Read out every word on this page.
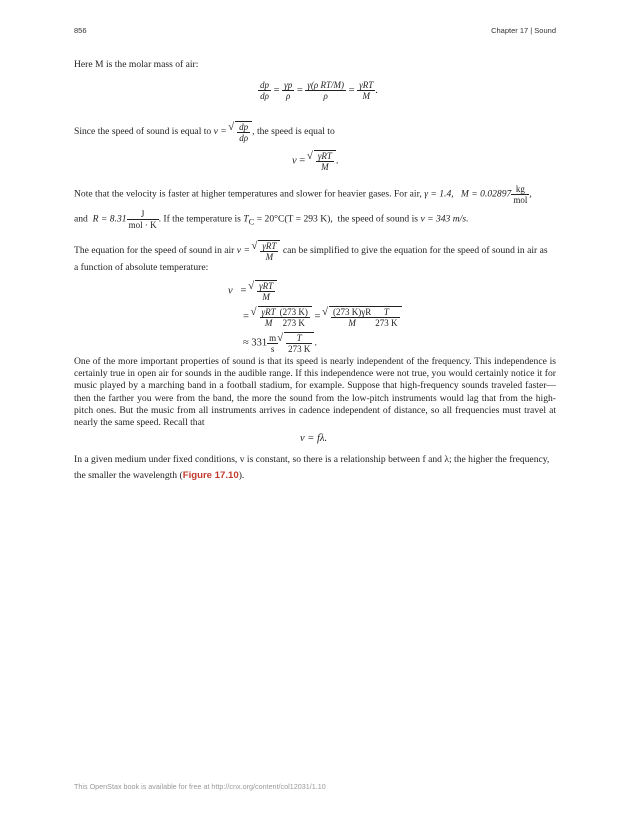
856	Chapter 17 | Sound
Here M is the molar mass of air:
$\frac{dp}{d\rho} = \frac{\gamma p}{\rho} = \frac{\text{γ(ρ RT/M)}}{\rho} = \frac{\text{γRT}}{M}$ .
Since the speed of sound is equal to v = √ $\frac{dp}{d\rho}$ , the speed is equal to
v = √ $\frac{\text{γRT}}{M}$ .
Note that the velocity is faster at higher temperatures and slower for heavier gases. For air, γ = 1.4, $M = 0.02897 \frac{kg}{\text{mol}}$ ,
and $R = 8.31 \frac{J}{\text{mol · K}}$ . If the temperature is $T_C = 20^\circ C(T = 293$ K), the speed of sound is v = 343 m/s.
The equation for the speed of sound in air v = √ $\frac{\text{γRT}}{M}$ can be simplified to give the equation for the speed of sound in air as
a function of absolute temperature:
v   = √ $\frac{\text{γRT}}{M}$
= √ $\frac{\text{γRT}}{M} \frac{(273 K)}{273 K}$ = √ $\frac{(273 K)\gamma R}{M} \frac{T}{273 K}$
≈ $331 \frac{m}{s}$ √ $\frac{T}{273 K}$ .
One of the more important properties of sound is that its speed is nearly independent of the frequency. This independence is certainly true in open air for sounds in the audible range. If this independence were not true, you would certainly notice it for music played by a marching band in a football stadium, for example. Suppose that high-frequency sounds traveled faster—then the farther you were from the band, the more the sound from the low-pitch instruments would lag that from the high-pitch ones. But the music from all instruments arrives in cadence independent of distance, so all frequencies must travel at nearly the same speed. Recall that
v = fλ.
In a given medium under fixed conditions, v is constant, so there is a relationship between f and λ; the higher the frequency,
the smaller the wavelength (Figure 17.10).
This OpenStax book is available for free at http://cnx.org/content/col12031/1.10
